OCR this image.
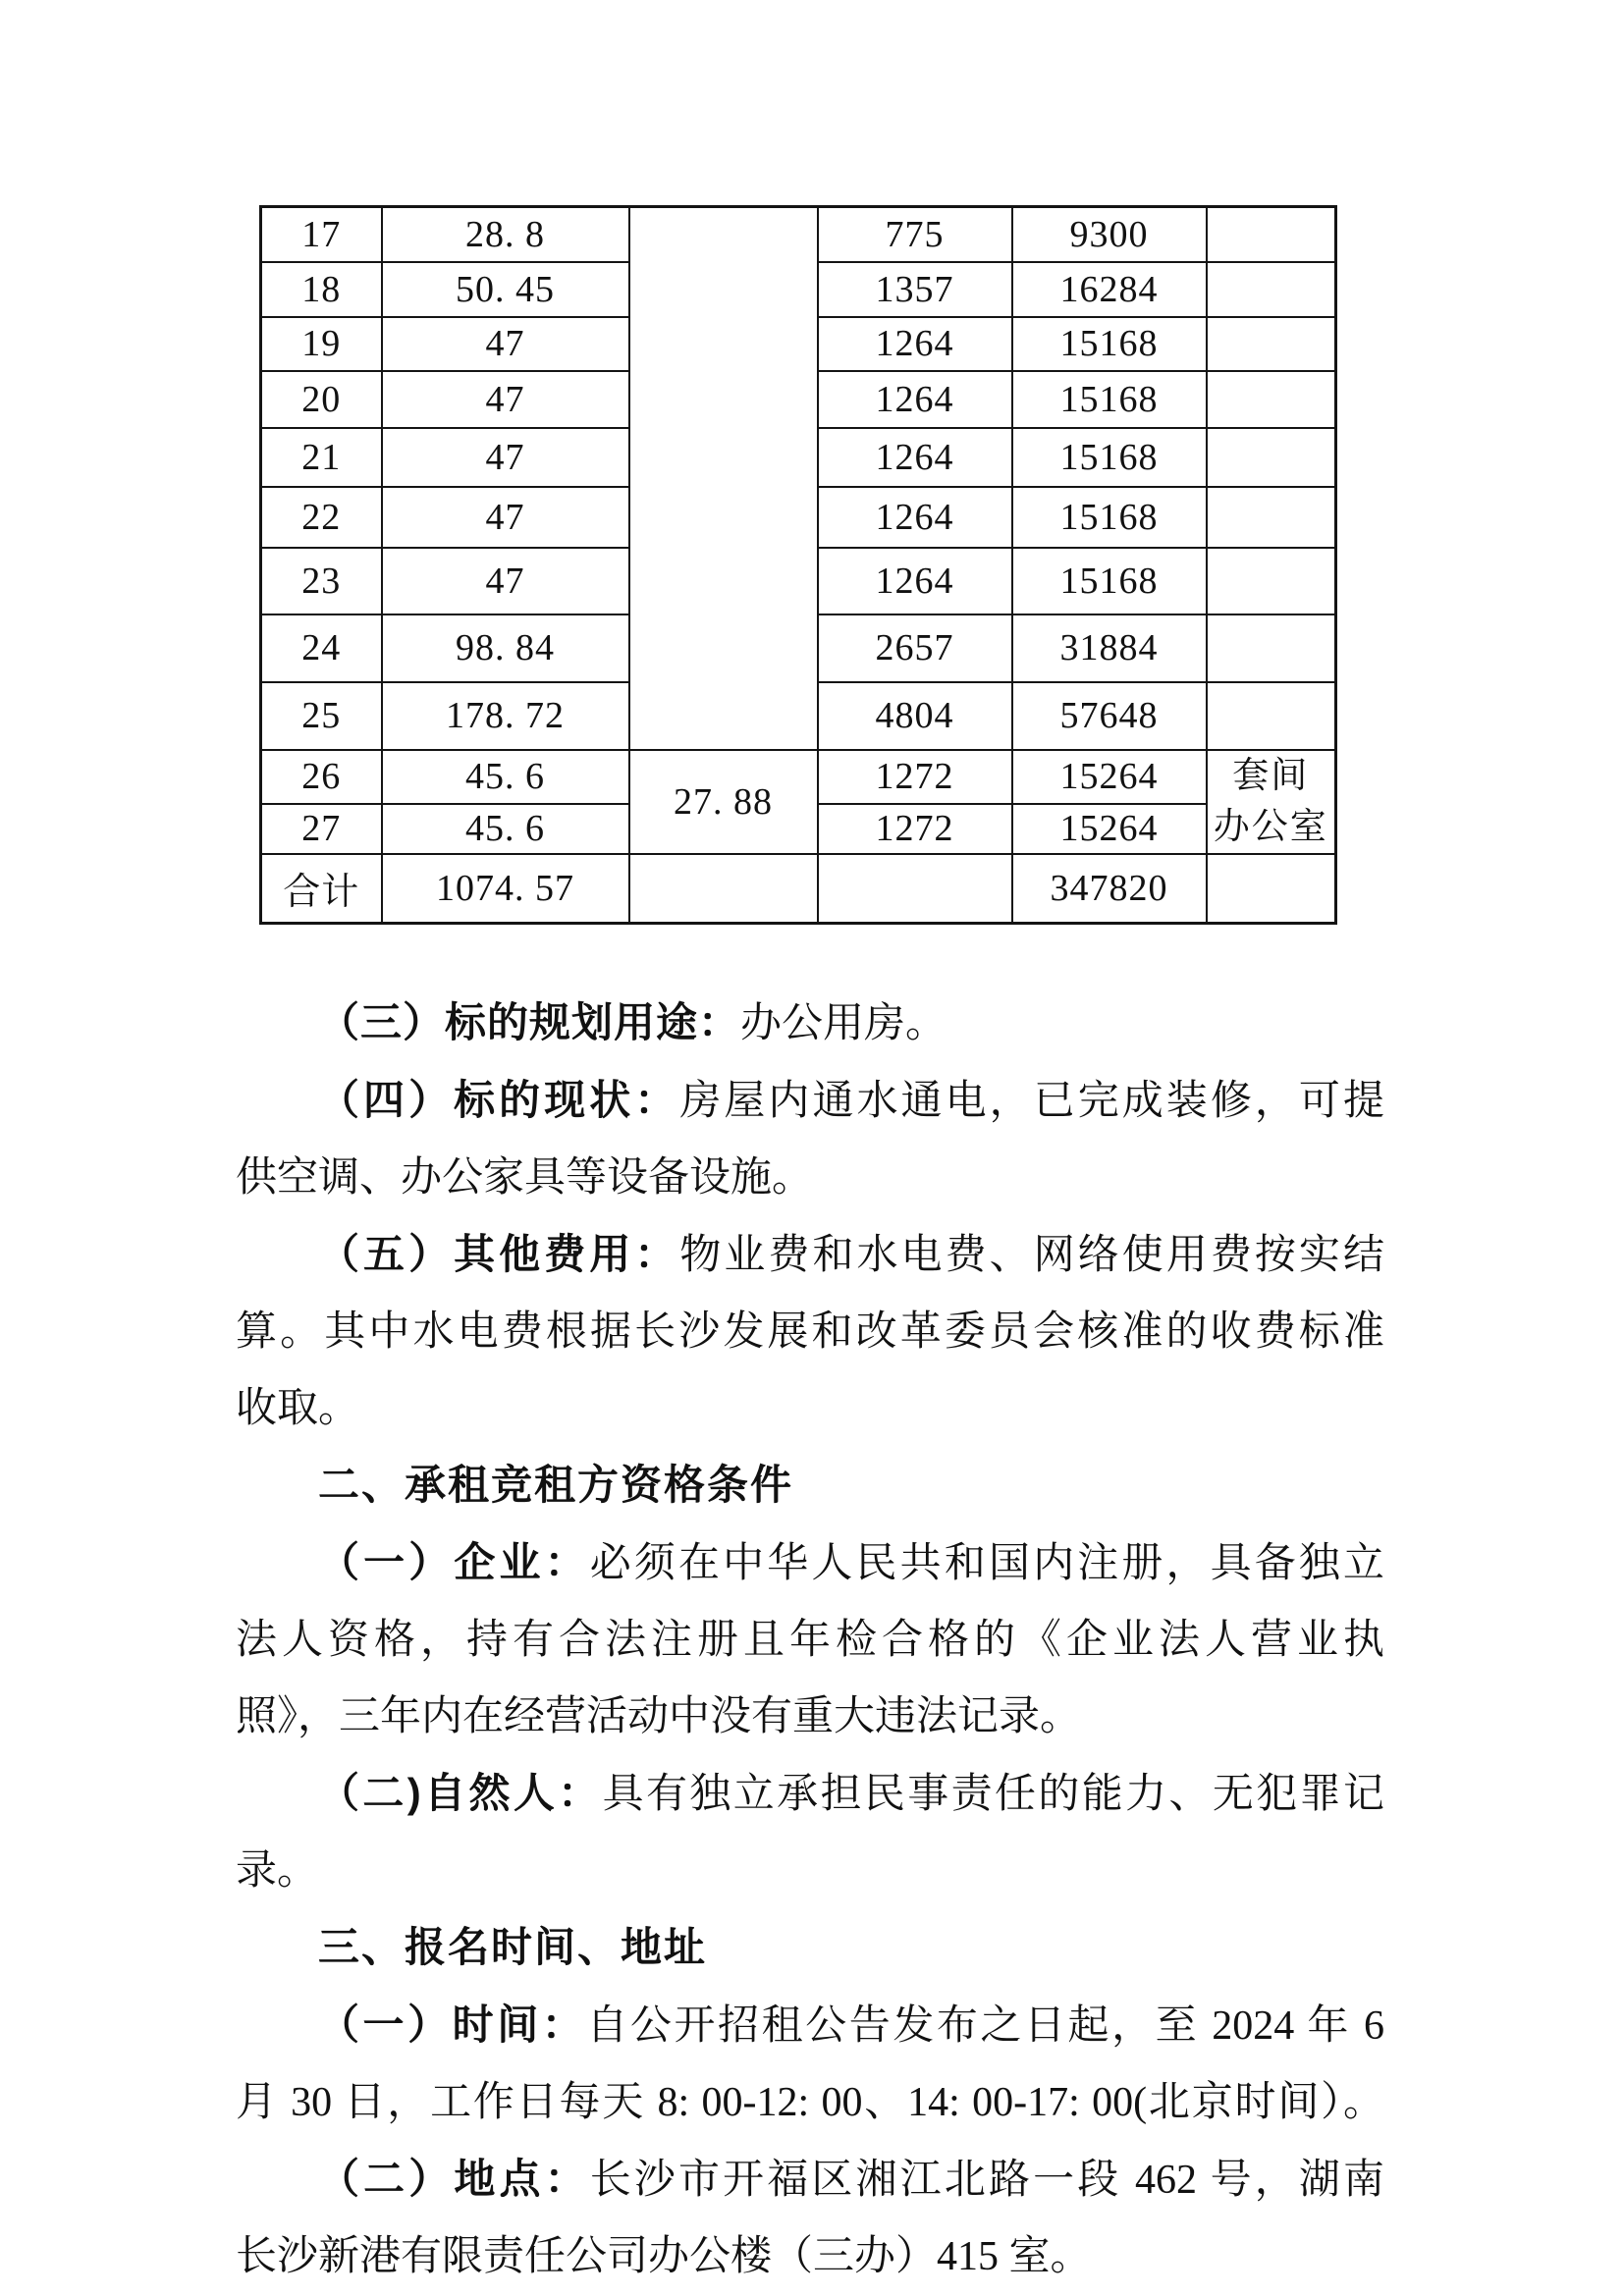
17	28. 8		775	9300	
18	50. 45		1357	16284	
19	47		1264	15168	
20	47		1264	15168	
21	47		1264	15168	
22	47		1264	15168	
23	47		1264	15168	
24	98. 84		2657	31884	
25	178. 72		4804	57648	
26	45. 6	27. 88	1272	15264	套间
办公室

27	45. 6		1272	15264	
合计	1074. 57			347820	
（三）标的规划用途：办公用房。
（四）标的现状：房屋内通水通电，已完成装修，可提
供空调、办公家具等设备设施。
（五）其他费用：物业费和水电费、网络使用费按实结
算。其中水电费根据长沙发展和改革委员会核准的收费标准
收取。
二、承租竞租方资格条件
（一）企业：必须在中华人民共和国内注册，具备独立
法人资格，持有合法注册且年检合格的《企业法人营业执
照》，三年内在经营活动中没有重大违法记录。
（二)自然人：具有独立承担民事责任的能力、无犯罪记
录。
三、报名时间、地址
（一）时间：自公开招租公告发布之日起，至 2024 年 6
月 30 日，工作日每天 8: 00-12: 00、14: 00-17: 00(北京时间）。
（二）地点：长沙市开福区湘江北路一段 462 号，湖南
长沙新港有限责任公司办公楼（三办）415 室。
